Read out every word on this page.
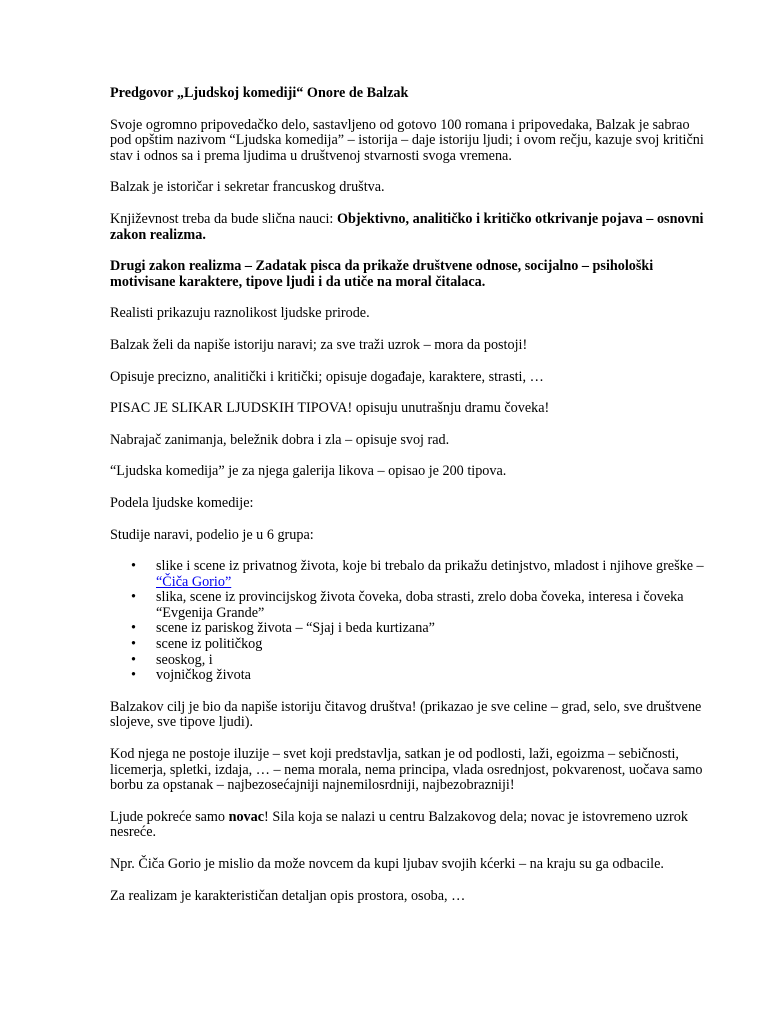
Predgovor „Ljudskoj komediji“ Onore de Balzak

Svoje ogromno pripovedačko delo, sastavljeno od gotovo 100 romana i pripovedaka, Balzak je sabrao pod opštim nazivom “Ljudska komedija” – istorija – daje istoriju ljudi; i ovom rečju, kazuje svoj kritični stav i odnos sa i prema ljudima u društvenoj stvarnosti svoga vremena.

Balzak je istoričar i sekretar francuskog društva.

Književnost treba da bude slična nauci: Objektivno, analitičko i kritičko otkrivanje pojava – osnovni zakon realizma.

Drugi zakon realizma – Zadatak pisca da prikaže društvene odnose, socijalno – psihološki motivisane karaktere, tipove ljudi i da utiče na moral čitalaca.

Realisti prikazuju raznolikost ljudske prirode.

Balzak želi da napiše istoriju naravi; za sve traži uzrok – mora da postoji!

Opisuje precizno, analitički i kritički; opisuje događaje, karaktere, strasti, …

PISAC JE SLIKAR LJUDSKIH TIPOVA! opisuju unutrašnju dramu čoveka!

Nabrajač zanimanja, beležnik dobra i zla – opisuje svoj rad.

“Ljudska komedija” je za njega galerija likova – opisao je 200 tipova.

Podela ljudske komedije:

Studije naravi, podelio je u 6 grupa:

• slike i scene iz privatnog života, koje bi trebalo da prikažu detinjstvo, mladost i njihove greške – “Čiča Gorio”
• slika, scene iz provincijskog života čoveka, doba strasti, zrelo doba čoveka, interesa i čoveka “Evgenija Grande”
• scene iz pariskog života – “Sjaj i beda kurtizana”
• scene iz političkog
• seoskog, i
• vojničkog života

Balzakov cilj je bio da napiše istoriju čitavog društva! (prikazao je sve celine – grad, selo, sve društvene slojeve, sve tipove ljudi).

Kod njega ne postoje iluzije – svet koji predstavlja, satkan je od podlosti, laži, egoizma – sebičnosti, licemerja, spletki, izdaja, … – nema morala, nema principa, vlada osrednjost, pokvarenost, uočava samo borbu za opstanak – najbezosećajniji najnemilosrdniji, najbezobrazniji!

Ljude pokreće samo novac! Sila koja se nalazi u centru Balzakovog dela; novac je istovremeno uzrok nesreće.

Npr. Čiča Gorio je mislio da može novcem da kupi ljubav svojih kćerki – na kraju su ga odbacile.

Za realizam je karakterističan detaljan opis prostora, osoba, …
